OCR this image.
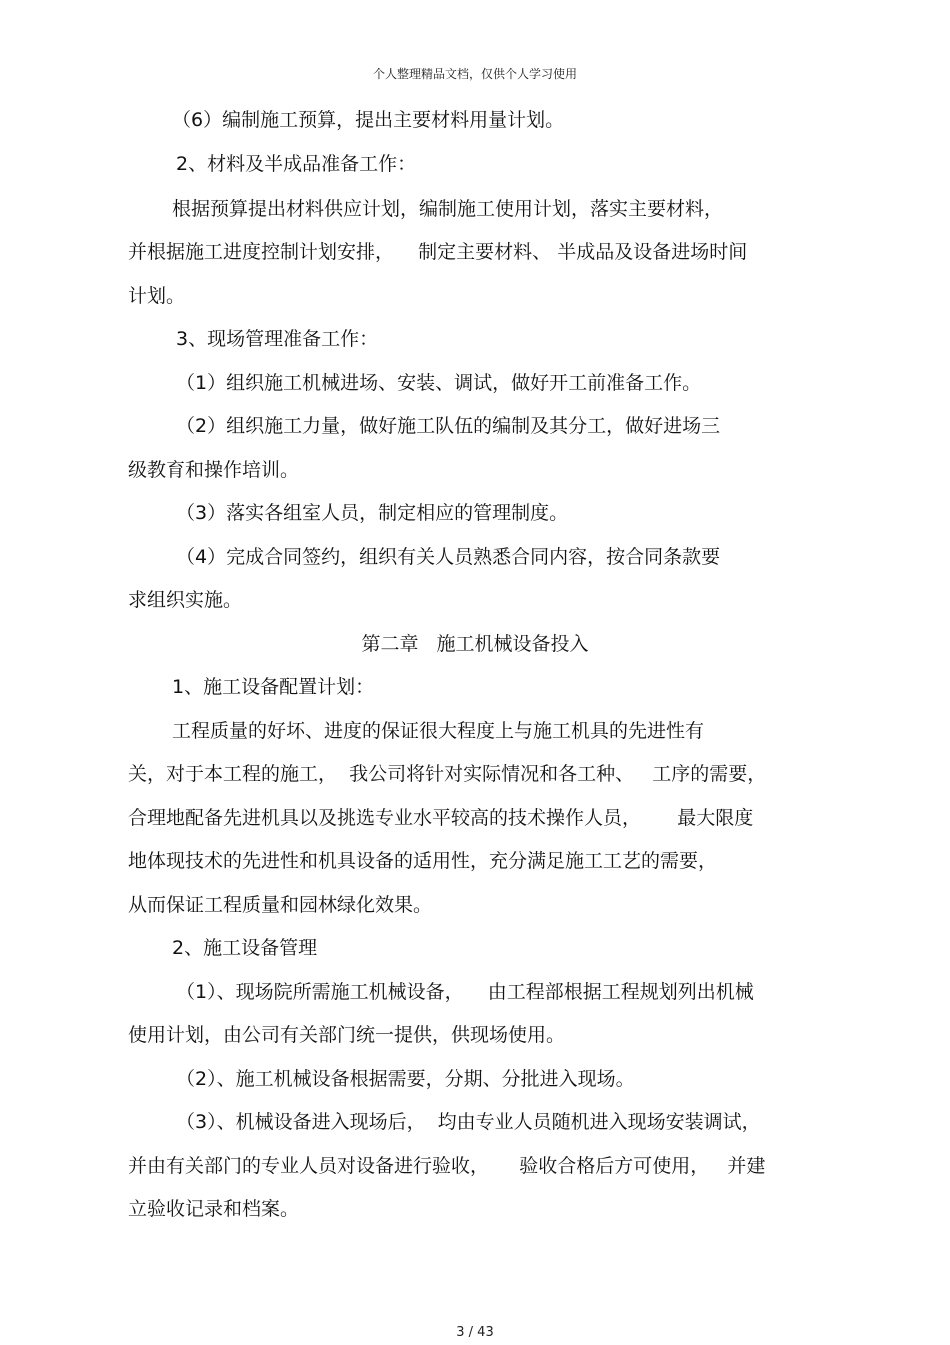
个人整理精品文档，仅供个人学习使用
（6）编制施工预算，提出主要材料用量计划。
2、材料及半成品准备工作：
根据预算提出材料供应计划，编制施工使用计划，落实主要材料，
并根据施工进度控制计划安排，    制定主要材料、 半成品及设备进场时间
计划。
3、现场管理准备工作：
（1）组织施工机械进场、安装、调试，做好开工前准备工作。
（2）组织施工力量，做好施工队伍的编制及其分工，做好进场三
级教育和操作培训。
（3）落实各组室人员，制定相应的管理制度。
（4）完成合同签约，组织有关人员熟悉合同内容，按合同条款要
求组织实施。
第二章   施工机械设备投入
1、施工设备配置计划：
工程质量的好坏、进度的保证很大程度上与施工机具的先进性有
关，对于本工程的施工，  我公司将针对实际情况和各工种、   工序的需要，
合理地配备先进机具以及挑选专业水平较高的技术操作人员，      最大限度
地体现技术的先进性和机具设备的适用性，充分满足施工工艺的需要，
从而保证工程质量和园林绿化效果。
2、施工设备管理
（1）、现场院所需施工机械设备，    由工程部根据工程规划列出机械
使用计划，由公司有关部门统一提供，供现场使用。
（2）、施工机械设备根据需要，分期、分批进入现场。
（3）、机械设备进入现场后，  均由专业人员随机进入现场安装调试，
并由有关部门的专业人员对设备进行验收，     验收合格后方可使用，   并建
立验收记录和档案。
3 / 43
